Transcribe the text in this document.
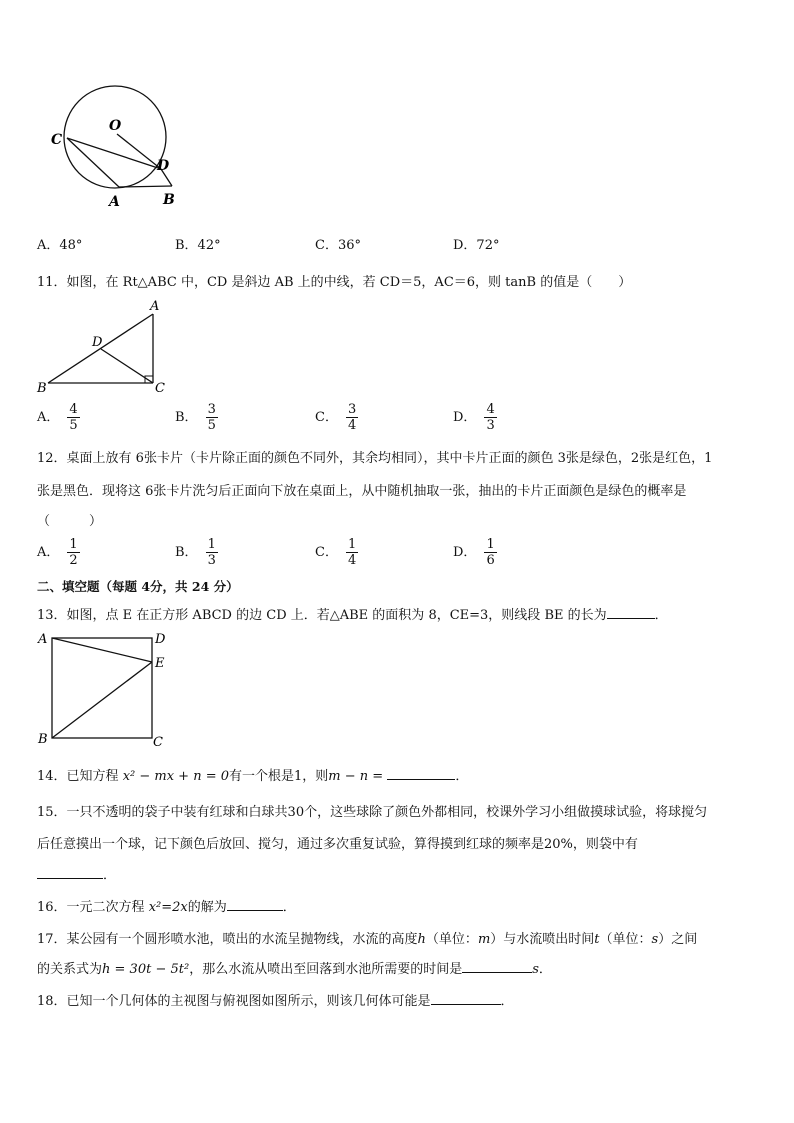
C
O
D
A	B
A．48°	B．42°	C．36°	D．72°
11．如图，在 Rt△ABC 中，CD 是斜边 AB 上的中线，若 CD＝5，AC＝6，则 tanB 的值是（　　）
A
D
B	C
A． $\frac{4}{5}$	B． $\frac{3}{5}$	C． $\frac{3}{4}$	D． $\frac{4}{3}$
12．桌面上放有 6张卡片（卡片除正面的颜色不同外，其余均相同），其中卡片正面的颜色 3张是绿色，2张是红色，1
张是黑色．现将这 6张卡片洗匀后正面向下放在桌面上，从中随机抽取一张，抽出的卡片正面颜色是绿色的概率是
（　　　）
A． $\frac{1}{2}$	B． $\frac{1}{3}$	C． $\frac{1}{4}$	D． $\frac{1}{6}$
二、填空题（每题 4分，共 24 分）
13．如图，点 E 在正方形 ABCD 的边 CD 上．若△ABE 的面积为 8，CE=3，则线段 BE 的长为	．
A	D
E
B	C
14．已知方程 x² − mx + n = 0有一个根是1，则m − n =	．
15．一只不透明的袋子中装有红球和白球共30个，这些球除了颜色外都相同，校课外学习小组做摸球试验，将球搅匀
后任意摸出一个球，记下颜色后放回、搅匀，通过多次重复试验，算得摸到红球的频率是20%，则袋中有
．
16．一元二次方程 x²=2x的解为	．
17．某公园有一个圆形喷水池，喷出的水流呈抛物线，水流的高度h（单位：m）与水流喷出时间t（单位：s）之间
的关系式为h = 30t − 5t²，那么水流从喷出至回落到水池所需要的时间是	s．
18．已知一个几何体的主视图与俯视图如图所示，则该几何体可能是	．
